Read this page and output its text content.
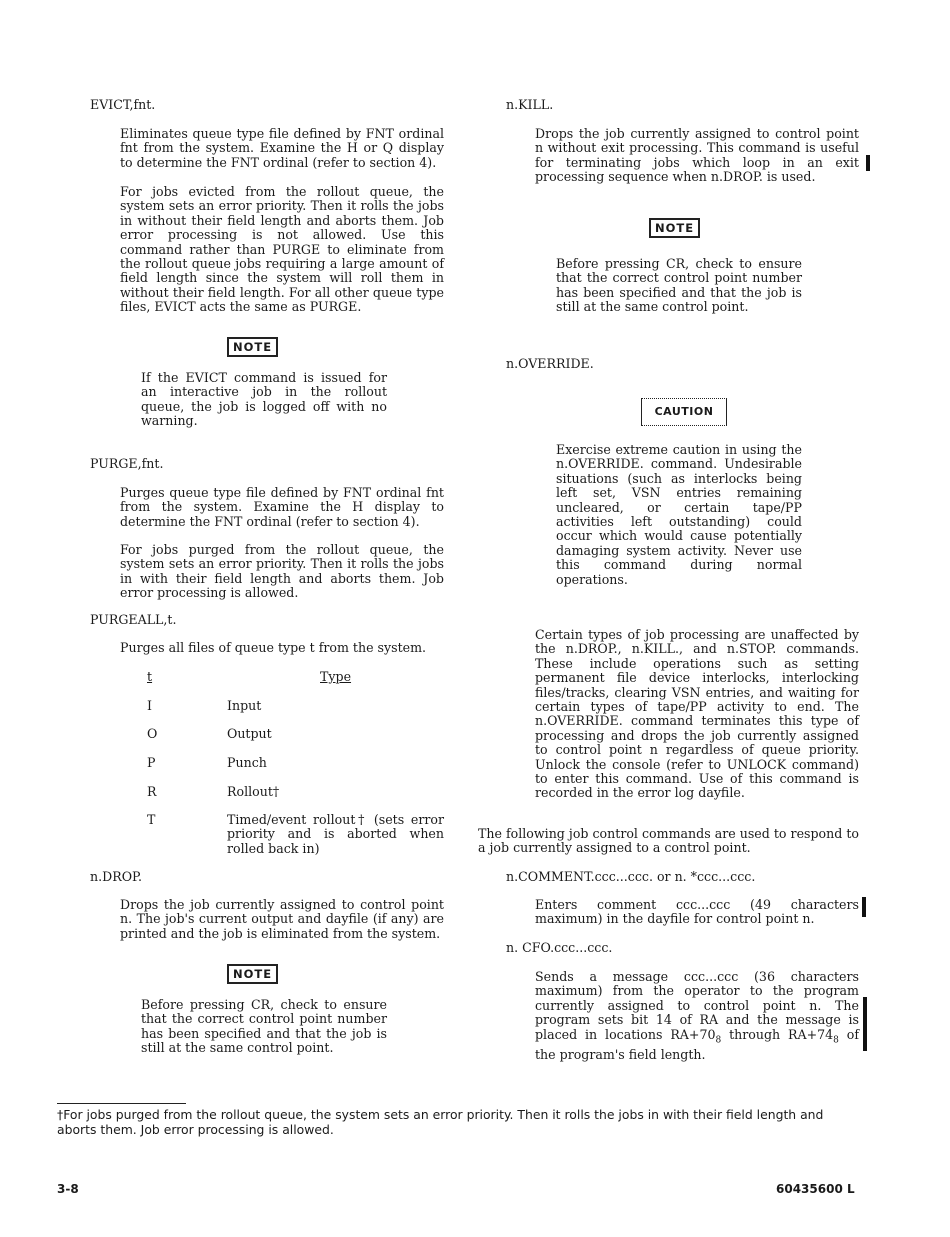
EVICT,fnt.
Eliminates queue type file defined by FNT ordinal fnt from the system. Examine the H or Q display to determine the FNT ordinal (refer to section 4).
For jobs evicted from the rollout queue, the system sets an error priority. Then it rolls the jobs in without their field length and aborts them. Job error processing is not allowed. Use this command rather than PURGE to eliminate from the rollout queue jobs requiring a large amount of field length since the system will roll them in without their field length. For all other queue type files, EVICT acts the same as PURGE.
NOTE
If the EVICT command is issued for an interactive job in the rollout queue, the job is logged off with no warning.
PURGE,fnt.
Purges queue type file defined by FNT ordinal fnt from the system. Examine the H display to determine the FNT ordinal (refer to section 4).
For jobs purged from the rollout queue, the system sets an error priority. Then it rolls the jobs in with their field length and aborts them. Job error processing is allowed.
PURGEALL,t.
Purges all files of queue type t from the system.
t	Type
I	Input
O	Output
P	Punch
R	Rollout†
T	Timed/event rollout† (sets error priority and is aborted when rolled back in)
n.DROP.
Drops the job currently assigned to control point n. The job's current output and dayfile (if any) are printed and the job is eliminated from the system.
NOTE
Before pressing CR, check to ensure that the correct control point number has been specified and that the job is still at the same control point.
n.KILL.
Drops the job currently assigned to control point n without exit processing. This command is useful for terminating jobs which loop in an exit processing sequence when n.DROP. is used.
NOTE
Before pressing CR, check to ensure that the correct control point number has been specified and that the job is still at the same control point.
n.OVERRIDE.
CAUTION
Exercise extreme caution in using the n.OVERRIDE. command. Undesirable situations (such as interlocks being left set, VSN entries remaining uncleared, or certain tape/PP activities left outstanding) could occur which would cause potentially damaging system activity. Never use this command during normal operations.
Certain types of job processing are unaffected by the n.DROP., n.KILL., and n.STOP. commands. These include operations such as setting permanent file device interlocks, interlocking files/tracks, clearing VSN entries, and waiting for certain types of tape/PP activity to end. The n.OVERRIDE. command terminates this type of processing and drops the job currently assigned to control point n regardless of queue priority. Unlock the console (refer to UNLOCK command) to enter this command. Use of this command is recorded in the error log dayfile.
The following job control commands are used to respond to a job currently assigned to a control point.
n.COMMENT.ccc...ccc. or n. *ccc...ccc.
Enters comment ccc...ccc (49 characters maximum) in the dayfile for control point n.
n. CFO.ccc...ccc.
Sends a message ccc...ccc (36 characters maximum) from the operator to the program currently assigned to control point n. The program sets bit 14 of RA and the message is placed in locations $RA+70_8$ through $RA+74_8$ of the program's field length.
†For jobs purged from the rollout queue, the system sets an error priority. Then it rolls the jobs in with their field length and aborts them. Job error processing is allowed.
3-8	60435600 L
